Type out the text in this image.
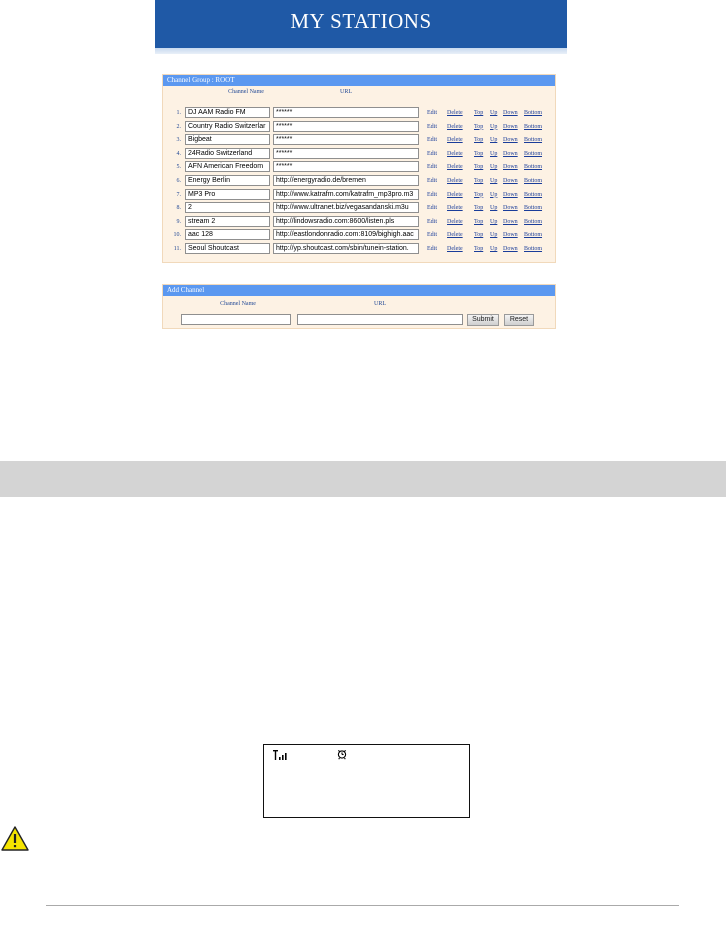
MY STATIONS
Channel Group : ROOT
Channel Name	URL
1.	DJ AAM Radio FM	******	Edit Delete Top Up Down Bottom
2.	Country Radio Switzerlar	******	Edit Delete Top Up Down Bottom
3.	Bigbeat	******	Edit Delete Top Up Down Bottom
4.	24Radio Switzerland	******	Edit Delete Top Up Down Bottom
5.	AFN American Freedom	******	Edit Delete Top Up Down Bottom
6.	Energy Berlin	http://energyradio.de/bremen	Edit Delete Top Up Down Bottom
7.	MP3 Pro	http://www.katrafm.com/katrafm_mp3pro.m3	Edit Delete Top Up Down Bottom
8.	2	http://www.ultranet.biz/vegasandanski.m3u	Edit Delete Top Up Down Bottom
9.	stream 2	http://lindowsradio.com:8600/listen.pls	Edit Delete Top Up Down Bottom
10.	aac 128	http://eastlondonradio.com:8109/bighigh.aac	Edit Delete Top Up Down Bottom
11.	Seoul Shoutcast	http://yp.shoutcast.com/sbin/tunein-station.	Edit Delete Top Up Down Bottom
Add Channel
Channel Name	URL
Submit	Reset
